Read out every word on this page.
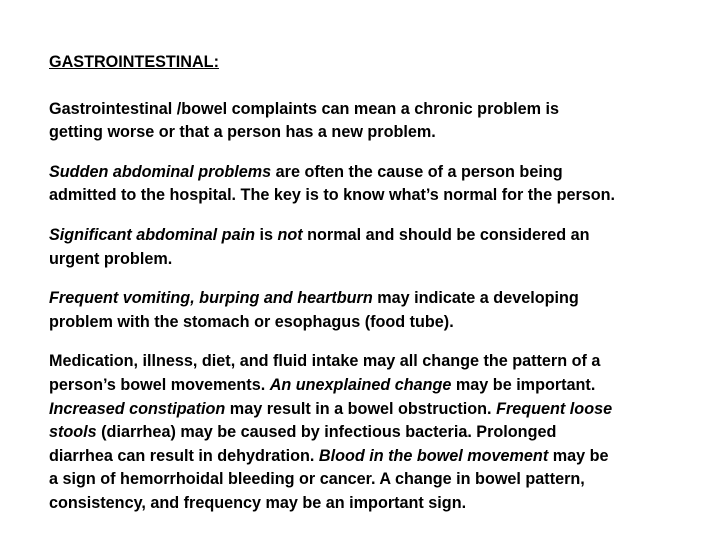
GASTROINTESTINAL:
Gastrointestinal /bowel complaints can mean a chronic problem is
getting worse or that a person has a new problem.
Sudden abdominal problems are often the cause of a person being
admitted to the hospital. The key is to know what’s normal for the person.
Significant abdominal pain is not normal and should be considered an
urgent problem.
Frequent vomiting, burping and heartburn may indicate a developing
problem with the stomach or esophagus (food tube).
Medication, illness, diet, and fluid intake may all change the pattern of a
person’s bowel movements. An unexplained change may be important.
Increased constipation may result in a bowel obstruction. Frequent loose
stools (diarrhea) may be caused by infectious bacteria. Prolonged
diarrhea can result in dehydration. Blood in the bowel movement may be
a sign of hemorrhoidal bleeding or cancer. A change in bowel pattern,
consistency, and frequency may be an important sign.
